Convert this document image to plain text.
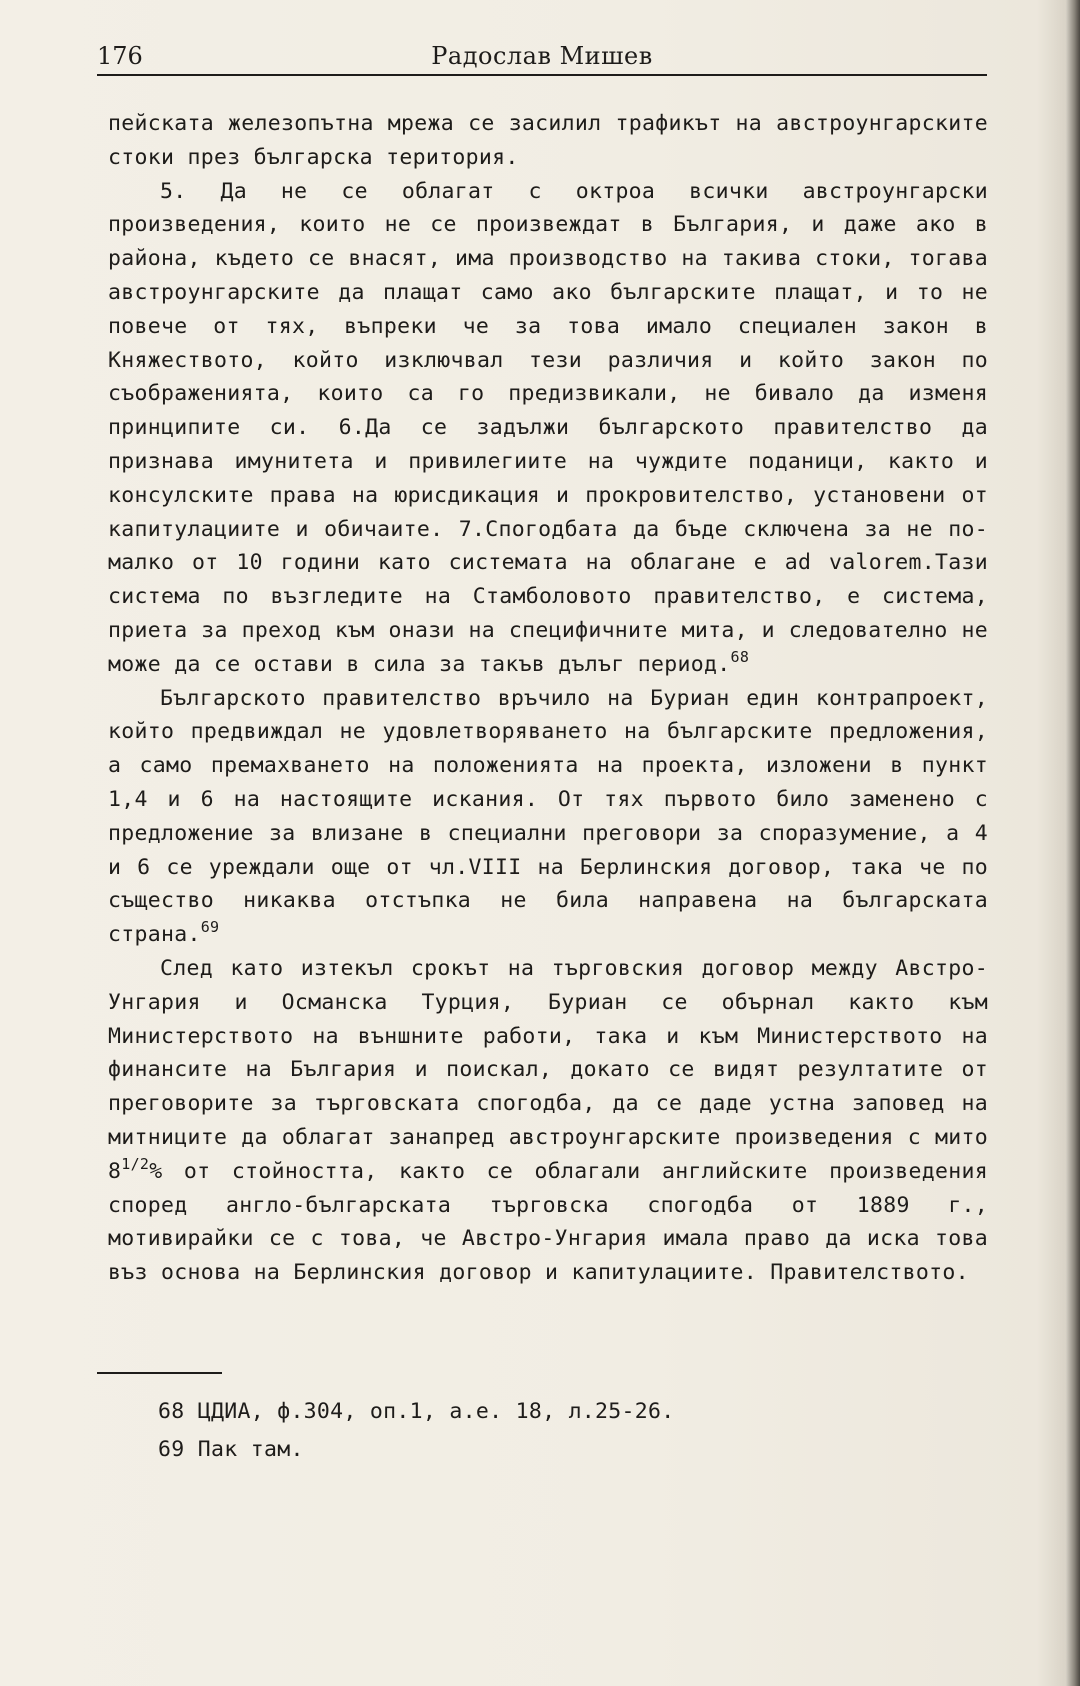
176	Радослав Мишев

пейската железопътна мрежа се засилил трафикът на австроунгарските стоки през българска територия.

5. Да не се облагат с октроа всички австроунгарски произведения, които не се произвеждат в България, и даже ако в района, където се внасят, има производство на такива стоки, тогава австроунгарските да плащат само ако българските плащат, и то не повече от тях, въпреки че за това имало специален закон в Княжеството, който изключвал тези различия и който закон по съображенията, които са го предизвикали, не бивало да изменя принципите си. 6.Да се задължи българското правителство да признава имунитета и привилегиите на чуждите поданици, както и консулските права на юрисдикация и прокровителство, установени от капитулациите и обичаите. 7.Спогодбата да бъде сключена за не по-малко от 10 години като системата на облагане е ad valorem.Тази система по възгледите на Стамболовото правителство, е система, приета за преход към онази на специфичните мита, и следователно не може да се остави в сила за такъв дълъг период.$^{68}$

Българското правителство връчило на Буриан един контрапроект, който предвиждал не удовлетворяването на българските предложения, а само премахването на положенията на проекта, изложени в пункт 1,4 и 6 на настоящите искания. От тях първото било заменено с предложение за влизане в специални преговори за споразумение, а 4 и 6 се уреждали още от чл.VIII на Берлинския договор, така че по същество никаква отстъпка не била направена на българската страна.$^{69}$

След като изтекъл срокът на търговския договор между Австро-Унгария и Османска Турция, Буриан се обърнал както към Министерството на външните работи, така и към Министерството на финансите на България и поискал, докато се видят резултатите от преговорите за търговската спогодба, да се даде устна заповед на митниците да облагат занапред австроунгарските произведения с мито $8^{1/2}\%$ от стойността, както се облагали английските произведения според англо-българската търговска спогодба от 1889 г., мотивирайки се с това, че Австро-Унгария имала право да иска това въз основа на Берлинския договор и капитулациите. Правителството.

68 ЦДИА, ф.304, оп.1, а.е. 18, л.25-26.
69 Пак там.
